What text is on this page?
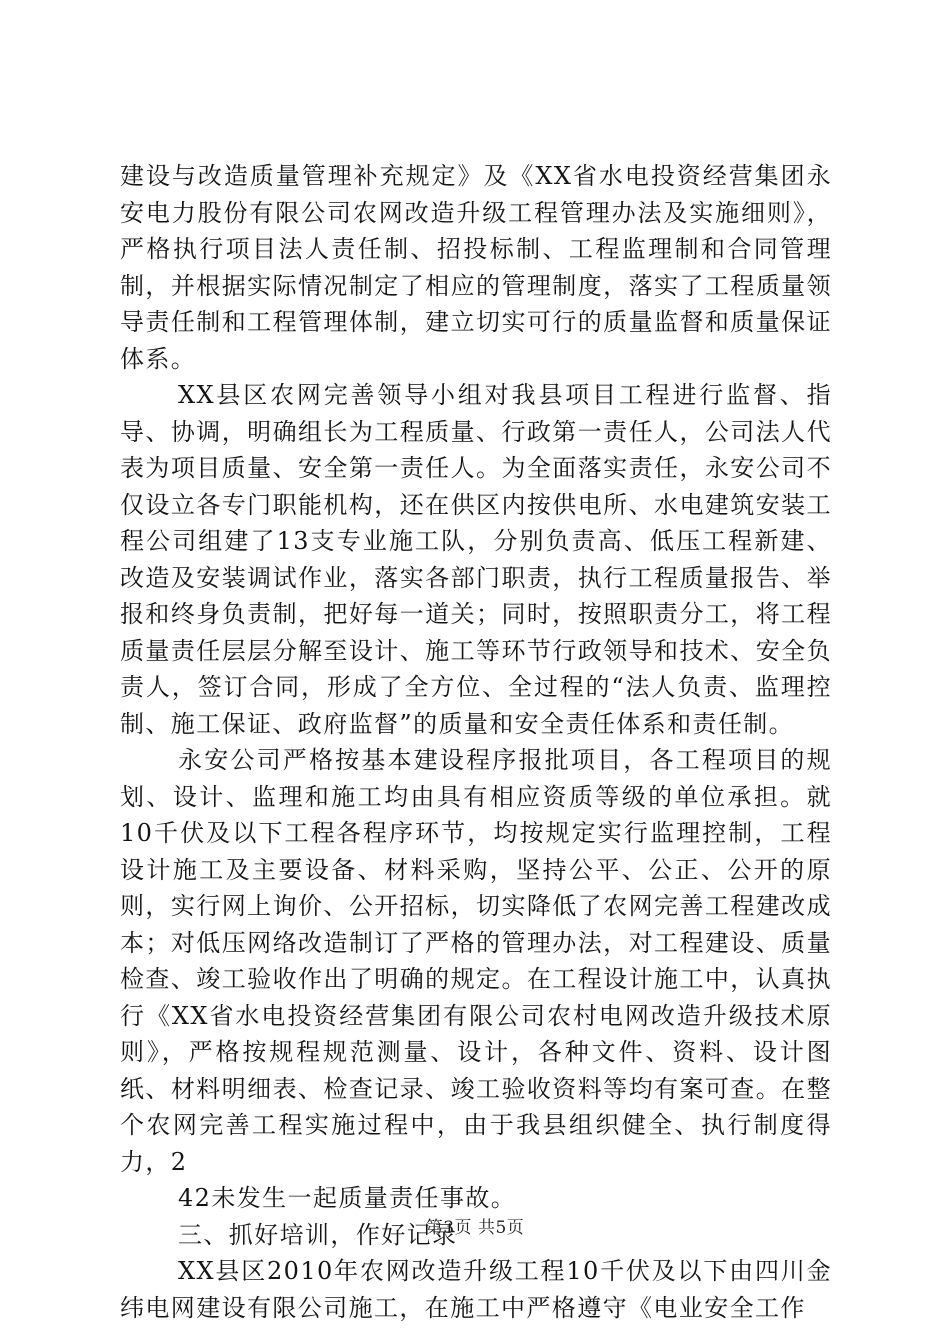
建设与改造质量管理补充规定》及《XX省水电投资经营集团永安电力股份有限公司农网改造升级工程管理办法及实施细则》，严格执行项目法人责任制、招投标制、工程监理制和合同管理制，并根据实际情况制定了相应的管理制度，落实了工程质量领导责任制和工程管理体制，建立切实可行的质量监督和质量保证体系。

XX县区农网完善领导小组对我县项目工程进行监督、指导、协调，明确组长为工程质量、行政第一责任人，公司法人代表为项目质量、安全第一责任人。为全面落实责任，永安公司不仅设立各专门职能机构，还在供区内按供电所、水电建筑安装工程公司组建了13支专业施工队，分别负责高、低压工程新建、改造及安装调试作业，落实各部门职责，执行工程质量报告、举报和终身负责制，把好每一道关；同时，按照职责分工，将工程质量责任层层分解至设计、施工等环节行政领导和技术、安全负责人，签订合同，形成了全方位、全过程的“法人负责、监理控制、施工保证、政府监督”的质量和安全责任体系和责任制。

永安公司严格按基本建设程序报批项目，各工程项目的规划、设计、监理和施工均由具有相应资质等级的单位承担。就10千伏及以下工程各程序环节，均按规定实行监理控制，工程设计施工及主要设备、材料采购，坚持公平、公正、公开的原则，实行网上询价、公开招标，切实降低了农网完善工程建改成本；对低压网络改造制订了严格的管理办法，对工程建设、质量检查、竣工验收作出了明确的规定。在工程设计施工中，认真执行《XX省水电投资经营集团有限公司农村电网改造升级技术原则》，严格按规程规范测量、设计，各种文件、资料、设计图纸、材料明细表、检查记录、竣工验收资料等均有案可查。在整个农网完善工程实施过程中，由于我县组织健全、执行制度得力，2

42未发生一起质量责任事故。

三、抓好培训，作好记录

XX县区2010年农网改造升级工程10千伏及以下由四川金纬电网建设有限公司施工，在施工中严格遵守《电业安全工作

第3页 共5页
